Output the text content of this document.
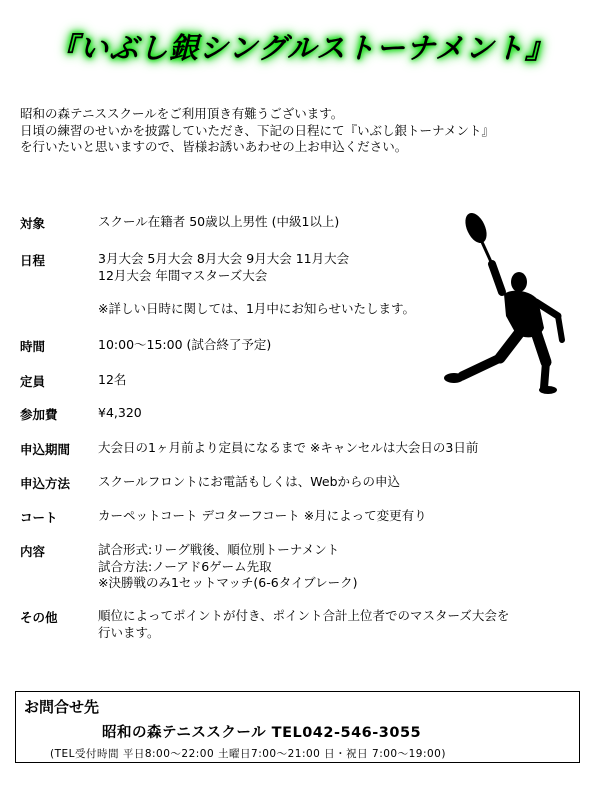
『いぶし銀シングルストーナメント』
昭和の森テニススクールをご利用頂き有難うございます。
日頃の練習のせいかを披露していただき、下記の日程にて『いぶし銀トーナメント』
を行いたいと思いますので、皆様お誘いあわせの上お申込ください。
対象	スクール在籍者 50歳以上男性 (中級1以上)
日程	3月大会 5月大会 8月大会 9月大会 11月大会
12月大会 年間マスターズ大会

※詳しい日時に関しては、1月中にお知らせいたします。
時間	10:00～15:00 (試合終了予定)
定員	12名
参加費	¥4,320
申込期間	大会日の1ヶ月前より定員になるまで ※キャンセルは大会日の3日前
申込方法	スクールフロントにお電話もしくは、Webからの申込
コート	カーペットコート デコターフコート ※月によって変更有り
内容	試合形式:リーグ戦後、順位別トーナメント
試合方法:ノーアド6ゲーム先取
※決勝戦のみ1セットマッチ(6-6タイブレーク)
その他	順位によってポイントが付き、ポイント合計上位者でのマスターズ大会を
行います。
お問合せ先
昭和の森テニススクール TEL042-546-3055
(TEL受付時間 平日8:00～22:00 土曜日7:00～21:00 日・祝日 7:00～19:00)
